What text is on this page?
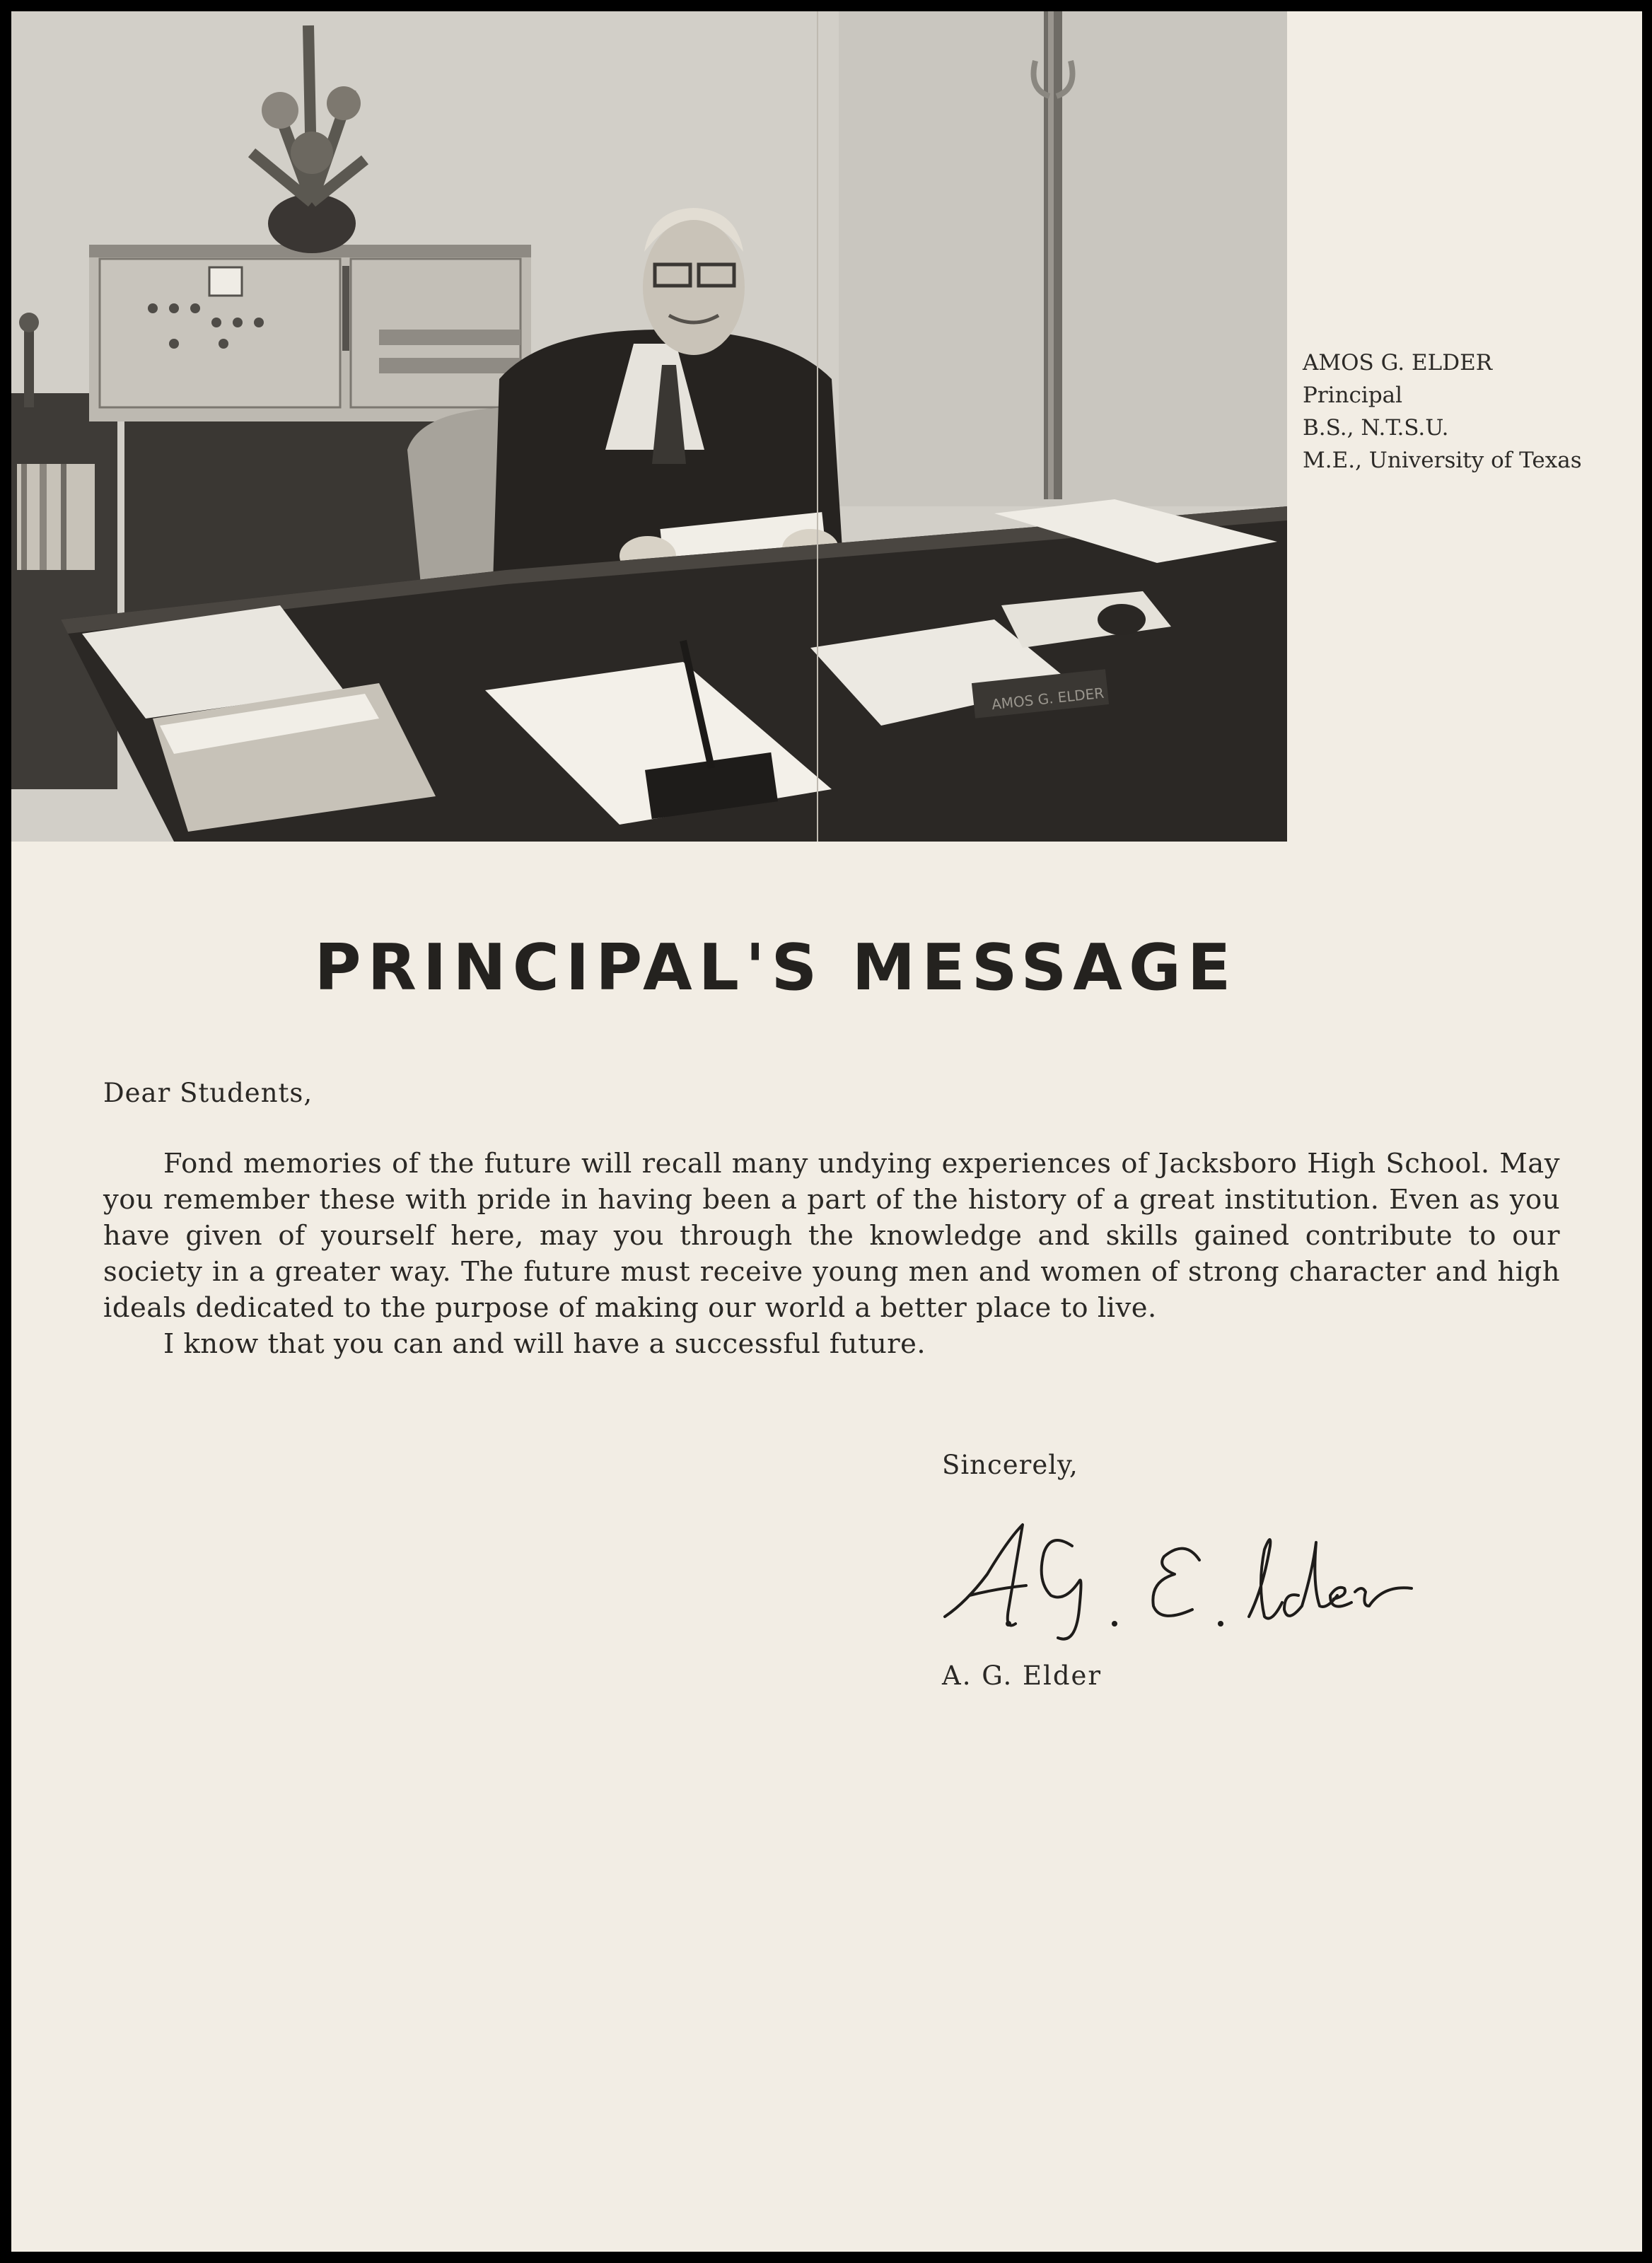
AMOS G. ELDER
AMOS G. ELDER
Principal
B.S., N.T.S.U.
M.E., University of Texas
PRINCIPAL'S MESSAGE
Dear Students,

Fond memories of the future will recall many undying experiences of Jacksboro High School. May you remember these with pride in having been a part of the history of a great institution. Even as you have given of yourself here, may you through the knowledge and skills gained contribute to our society in a greater way. The future must receive young men and women of strong character and high ideals dedicated to the purpose of making our world a better place to live.

I know that you can and will have a successful future.

Sincerely,
A. G. Elder
